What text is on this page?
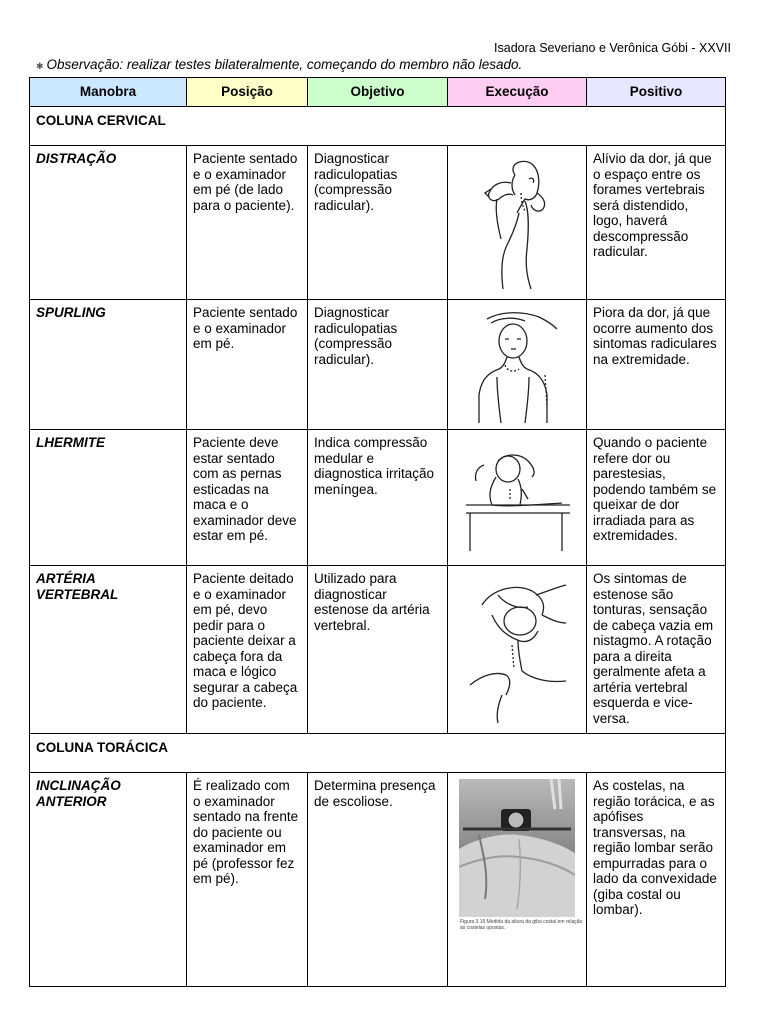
Isadora Severiano e Verônica Góbi - XXVII
✱ Observação: realizar testes bilateralmente, começando do membro não lesado.
Manobra	Posição	Objetivo	Execução	Positivo
COLUNA CERVICAL				
DISTRAÇÃO	Paciente sentado e o examinador em pé (de lado para o paciente).	Diagnosticar radiculopatias (compressão radicular).		Alívio da dor, já que o espaço entre os forames vertebrais será distendido, logo, haverá descompressão radicular.
SPURLING	Paciente sentado e o examinador em pé.	Diagnosticar radiculopatias (compressão radicular).		Piora da dor, já que ocorre aumento dos sintomas radiculares na extremidade.
LHERMITE	Paciente deve estar sentado com as pernas esticadas na maca e o examinador deve estar em pé.	Indica compressão medular e diagnostica irritação meníngea.		Quando o paciente refere dor ou parestesias, podendo também se queixar de dor irradiada para as extremidades.
ARTÉRIA VERTEBRAL	Paciente deitado e o examinador em pé, devo pedir para o paciente deixar a cabeça fora da maca e lógico segurar a cabeça do paciente.	Utilizado para diagnosticar estenose da artéria vertebral.		Os sintomas de estenose são tonturas, sensação de cabeça vazia em nistagmo. A rotação para a direita geralmente afeta a artéria vertebral esquerda e vice-versa.
COLUNA TORÁCICA				
INCLINAÇÃO ANTERIOR	É realizado com o examinador sentado na frente do paciente ou examinador em pé (professor fez em pé).	Determina presença de escoliose.	Figura 3.16 Medida da altura da giba costal em relação às costelas opostas.	As costelas, na região torácica, e as apófises transversas, na região lombar serão empurradas para o lado da convexidade (giba costal ou lombar).
